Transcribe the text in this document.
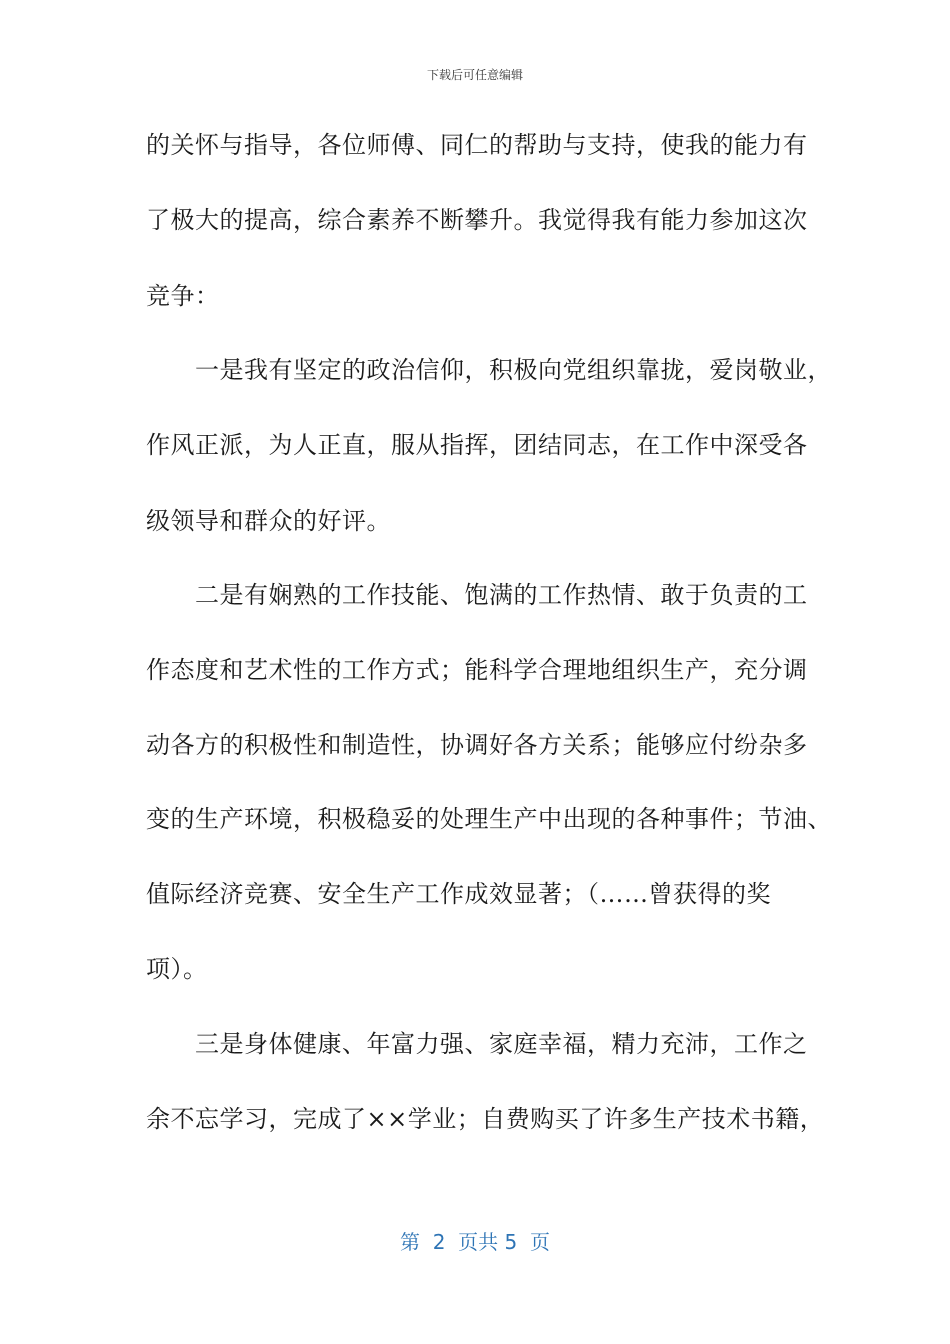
下载后可任意编辑
的关怀与指导，各位师傅、同仁的帮助与支持，使我的能力有
了极大的提高，综合素养不断攀升。我觉得我有能力参加这次
竞争：
　　一是我有坚定的政治信仰，积极向党组织靠拢，爱岗敬业，
作风正派，为人正直，服从指挥，团结同志，在工作中深受各
级领导和群众的好评。
　　二是有娴熟的工作技能、饱满的工作热情、敢于负责的工
作态度和艺术性的工作方式；能科学合理地组织生产，充分调
动各方的积极性和制造性，协调好各方关系；能够应付纷杂多
变的生产环境，积极稳妥的处理生产中出现的各种事件；节油、
值际经济竞赛、安全生产工作成效显著；（……曾获得的奖
项）。
　　三是身体健康、年富力强、家庭幸福，精力充沛，工作之
余不忘学习，完成了××学业；自费购买了许多生产技术书籍，
第  2  页共 5  页
